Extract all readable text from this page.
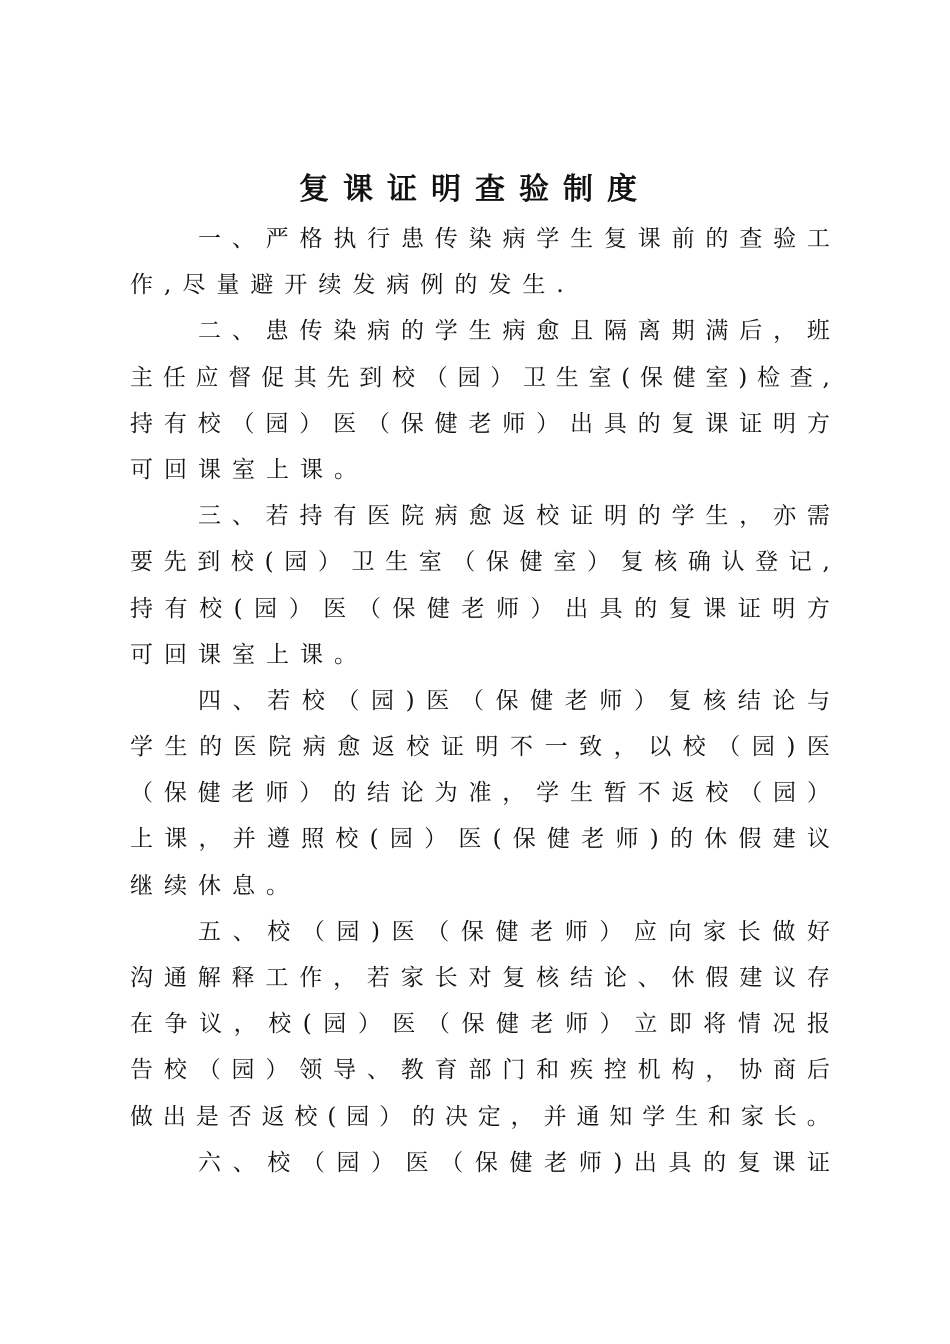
复课证明查验制度
一 、 严 格 执 行 患 传 染 病 学 生 复 课 前 的 查 验 工
作 , 尽 量 避 开 续 发 病 例 的 发 生 .
二 、 患 传 染 病 的 学 生 病 愈 且 隔 离 期 满 后 ， 班
主 任 应 督 促 其 先 到 校 （ 园 ） 卫 生 室 ( 保 健 室 ) 检 查 ,
持 有 校 （ 园 ） 医 （ 保 健 老 师 ） 出 具 的 复 课 证 明 方
可 回 课 室 上 课 。
三 、 若 持 有 医 院 病 愈 返 校 证 明 的 学 生 ， 亦 需
要 先 到 校 ( 园 ） 卫 生 室 （ 保 健 室 ） 复 核 确 认 登 记 ,
持 有 校 ( 园 ） 医 （ 保 健 老 师 ） 出 具 的 复 课 证 明 方
可 回 课 室 上 课 。
四 、 若 校 （ 园 ) 医 （ 保 健 老 师 ） 复 核 结 论 与
学 生 的 医 院 病 愈 返 校 证 明 不 一 致 ， 以 校 （ 园 ) 医
（ 保 健 老 师 ） 的 结 论 为 准 ， 学 生 暂 不 返 校 （ 园 ）
上 课 ， 并 遵 照 校 ( 园 ） 医 ( 保 健 老 师 ) 的 休 假 建 议
继 续 休 息 。
五 、 校 （ 园 ) 医 （ 保 健 老 师 ） 应 向 家 长 做 好
沟 通 解 释 工 作 ， 若 家 长 对 复 核 结 论 、 休 假 建 议 存
在 争 议 ， 校 ( 园 ） 医 （ 保 健 老 师 ） 立 即 将 情 况 报
告 校 （ 园 ） 领 导 、 教 育 部 门 和 疾 控 机 构 ， 协 商 后
做 出 是 否 返 校 ( 园 ） 的 决 定 ， 并 通 知 学 生 和 家 长 。
六 、 校 （ 园 ） 医 （ 保 健 老 师 ) 出 具 的 复 课 证
